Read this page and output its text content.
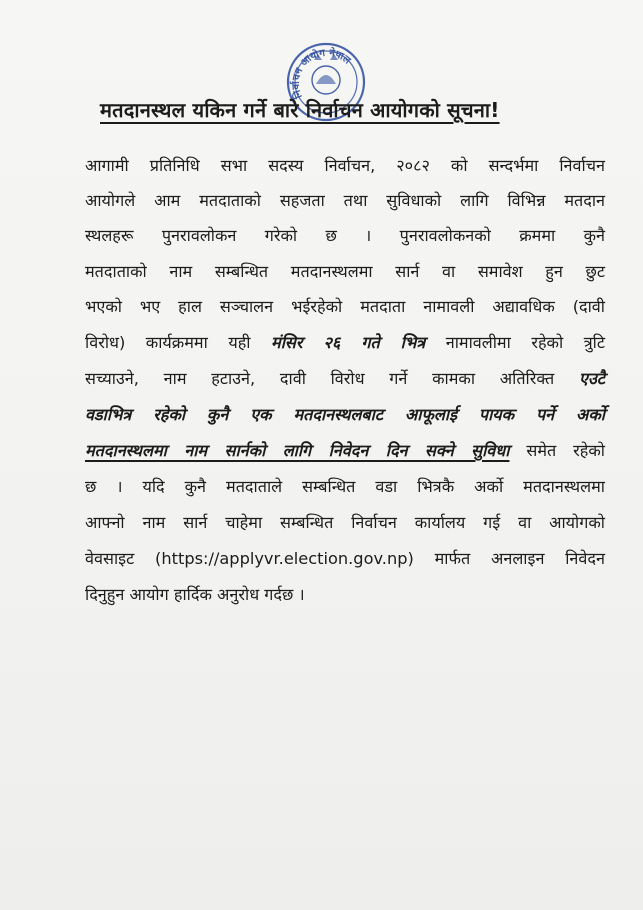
निर्वाचन आयोग नेपाल
मतदानस्थल यकिन गर्ने बारे निर्वाचन आयोगको सूचना!
आगामी प्रतिनिधि सभा सदस्य निर्वाचन, २०८२ को सन्दर्भमा निर्वाचन
आयोगले आम मतदाताको सहजता तथा सुविधाको लागि विभिन्न मतदान
स्थलहरू पुनरावलोकन गरेको छ । पुनरावलोकनको क्रममा कुनै
मतदाताको नाम सम्बन्धित मतदानस्थलमा सार्न वा समावेश हुन छुट
भएको भए हाल सञ्चालन भईरहेको मतदाता नामावली अद्यावधिक (दावी
विरोध) कार्यक्रममा यही मंसिर २६ गते भित्र नामावलीमा रहेको त्रुटि
सच्याउने, नाम हटाउने, दावी विरोध गर्ने कामका अतिरिक्त एउटै
वडाभित्र रहेको कुनै एक मतदानस्थलबाट आफूलाई पायक पर्ने अर्को
मतदानस्थलमा नाम सार्नको लागि निवेदन दिन सक्ने सुविधा समेत रहेको
छ । यदि कुनै मतदाताले सम्बन्धित वडा भित्रकै अर्को मतदानस्थलमा
आफ्नो नाम सार्न चाहेमा सम्बन्धित निर्वाचन कार्यालय गई वा आयोगको
वेवसाइट (https://applyvr.election.gov.np) मार्फत अनलाइन निवेदन
दिनुहुन आयोग हार्दिक अनुरोध गर्दछ ।
